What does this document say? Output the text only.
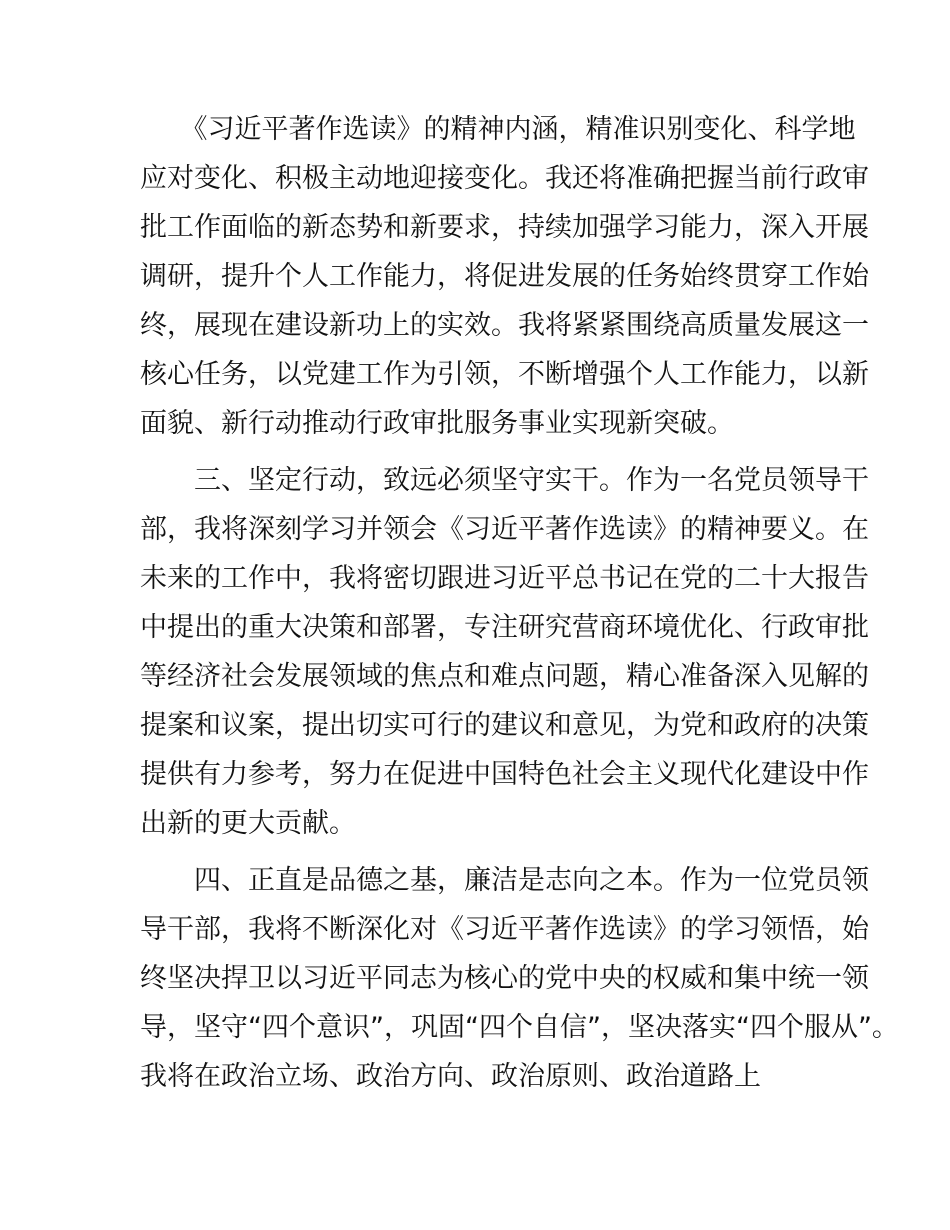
　　《习近平著作选读》的精神内涵，精准识别变化、科学地
应对变化、积极主动地迎接变化。我还将准确把握当前行政审
批工作面临的新态势和新要求，持续加强学习能力，深入开展
调研，提升个人工作能力，将促进发展的任务始终贯穿工作始
终，展现在建设新功上的实效。我将紧紧围绕高质量发展这一
核心任务，以党建工作为引领，不断增强个人工作能力，以新
面貌、新行动推动行政审批服务事业实现新突破。
　　三、坚定行动，致远必须坚守实干。作为一名党员领导干
部，我将深刻学习并领会《习近平著作选读》的精神要义。在
未来的工作中，我将密切跟进习近平总书记在党的二十大报告
中提出的重大决策和部署，专注研究营商环境优化、行政审批
等经济社会发展领域的焦点和难点问题，精心准备深入见解的
提案和议案，提出切实可行的建议和意见，为党和政府的决策
提供有力参考，努力在促进中国特色社会主义现代化建设中作
出新的更大贡献。
　　四、正直是品德之基，廉洁是志向之本。作为一位党员领
导干部，我将不断深化对《习近平著作选读》的学习领悟，始
终坚决捍卫以习近平同志为核心的党中央的权威和集中统一领
导，坚守“四个意识”，巩固“四个自信”，坚决落实“四个服从”。
我将在政治立场、政治方向、政治原则、政治道路上
